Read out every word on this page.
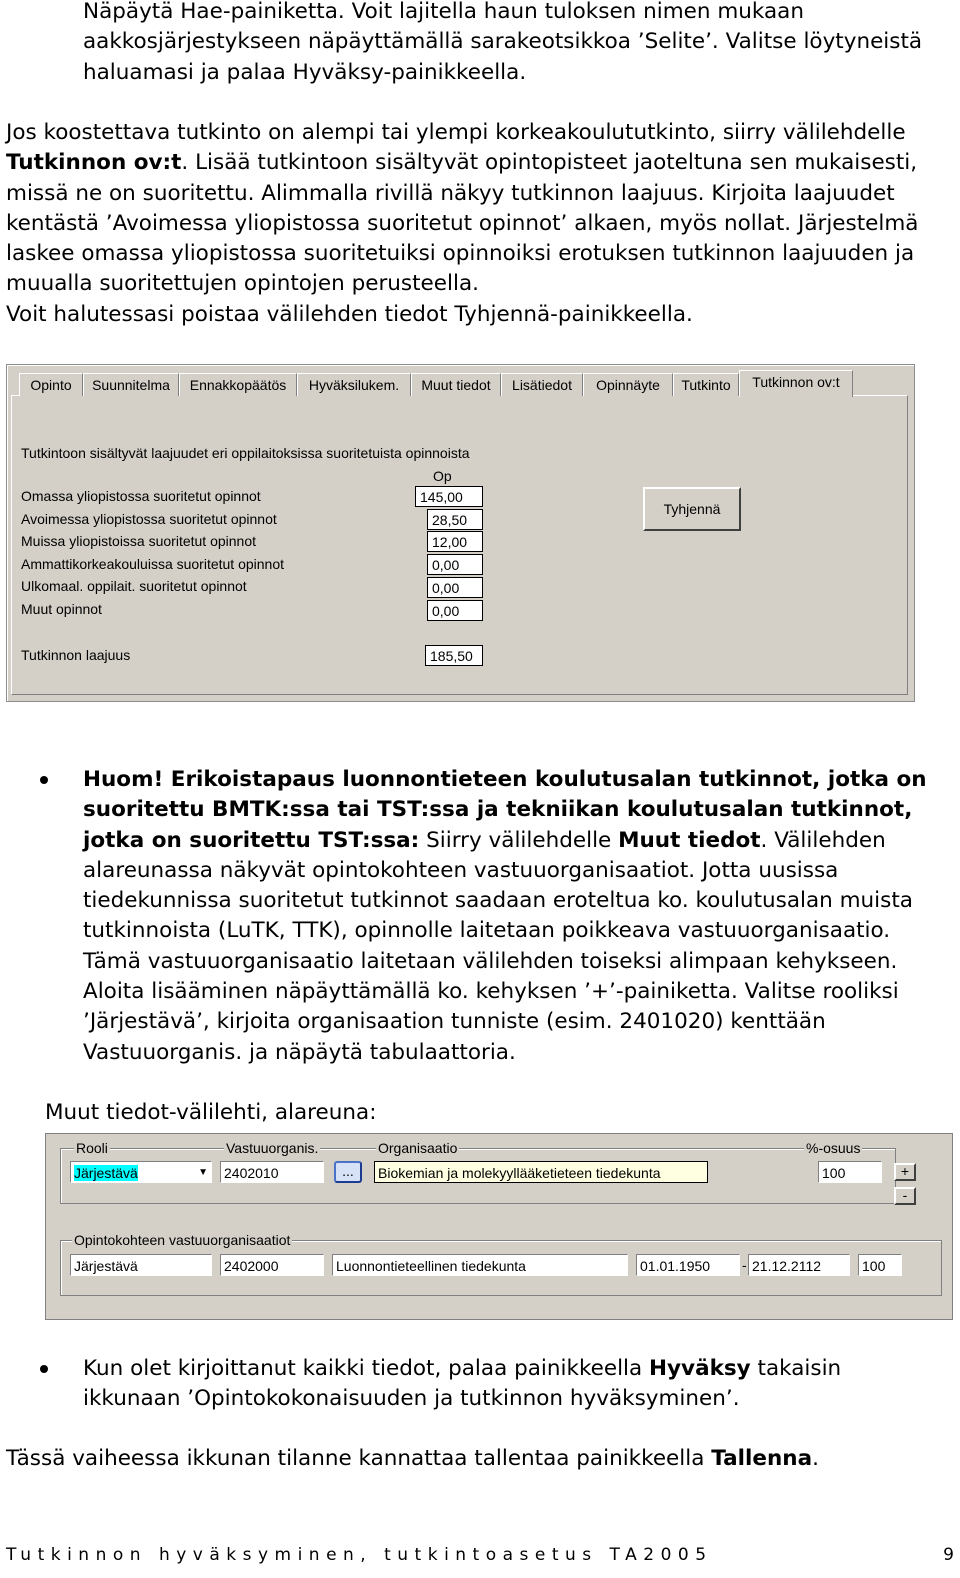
Näpäytä Hae-painiketta. Voit lajitella haun tuloksen nimen mukaan aakkosjärjestykseen näpäyttämällä sarakeotsikkoa ’Selite’. Valitse löytyneistä haluamasi ja palaa Hyväksy-painikkeella.
Jos koostettava tutkinto on alempi tai ylempi korkeakoulututkinto, siirry välilehdelle Tutkinnon ov:t. Lisää tutkintoon sisältyvät opintopisteet jaoteltuna sen mukaisesti, missä ne on suoritettu. Alimmalla rivillä näkyy tutkinnon laajuus. Kirjoita laajuudet kentästä ’Avoimessa yliopistossa suoritetut opinnot’ alkaen, myös nollat. Järjestelmä laskee omassa yliopistossa suoritetuiksi opinnoiksi erotuksen tutkinnon laajuuden ja muualla suoritettujen opintojen perusteella.
Voit halutessasi poistaa välilehden tiedot Tyhjennä-painikkeella.
Opinto	Suunnitelma	Ennakkopäätös	Hyväksilukem.	Muut tiedot	Lisätiedot	Opinnäyte	Tutkinto	Tutkinnon ov:t
Tutkintoon sisältyvät laajuudet eri oppilaitoksissa suoritetuista opinnoista
Op
Omassa yliopistossa suoritetut opinnot	145,00
Avoimessa yliopistossa suoritetut opinnot	28,50
Muissa yliopistoissa suoritetut opinnot	12,00
Ammattikorkeakouluissa suoritetut opinnot	0,00
Ulkomaal. oppilait. suoritetut opinnot	0,00
Muut opinnot	0,00
Tutkinnon laajuus	185,50
Tyhjennä
Huom! Erikoistapaus luonnontieteen koulutusalan tutkinnot, jotka on suoritettu BMTK:ssa tai TST:ssa ja tekniikan koulutusalan tutkinnot, jotka on suoritettu TST:ssa: Siirry välilehdelle Muut tiedot. Välilehden alareunassa näkyvät opintokohteen vastuuorganisaatiot. Jotta uusissa tiedekunnissa suoritetut tutkinnot saadaan eroteltua ko. koulutusalan muista tutkinnoista (LuTK, TTK), opinnolle laitetaan poikkeava vastuuorganisaatio. Tämä vastuuorganisaatio laitetaan välilehden toiseksi alimpaan kehykseen. Aloita lisääminen näpäyttämällä ko. kehyksen ’+’-painiketta. Valitse rooliksi ’Järjestävä’, kirjoita organisaation tunniste (esim. 2401020) kenttään Vastuuorganis. ja näpäytä tabulaattoria.
Muut tiedot-välilehti, alareuna:
Rooli	Vastuuorganis.	Organisaatio	%-osuus
Järjestävä	▼ 2402010	...	Biokemian ja molekyyllääketieteen tiedekunta	100	+
-
Opintokohteen vastuuorganisaatiot
Järjestävä	2402000	Luonnontieteellinen tiedekunta	01.01.1950	- 21.12.2112	100
Kun olet kirjoittanut kaikki tiedot, palaa painikkeella Hyväksy takaisin ikkunaan ’Opintokokonaisuuden ja tutkinnon hyväksyminen’.
Tässä vaiheessa ikkunan tilanne kannattaa tallentaa painikkeella Tallenna.
Tutkinnon hyväksyminen, tutkintoasetus TA2005	9
